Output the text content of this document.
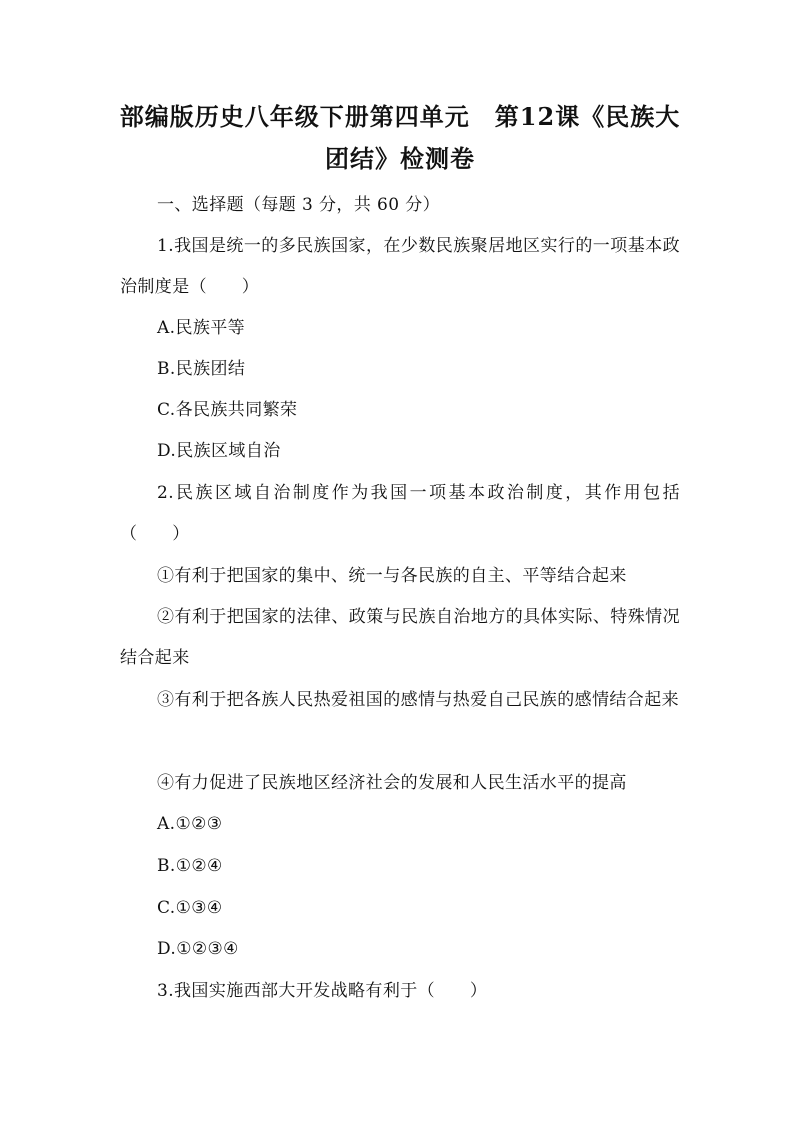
部编版历史八年级下册第四单元　第12课《民族大团结》检测卷
一、选择题（每题 3 分，共 60 分）
1.我国是统一的多民族国家，在少数民族聚居地区实行的一项基本政治制度是（　　）
A.民族平等
B.民族团结
C.各民族共同繁荣
D.民族区域自治
2.民族区域自治制度作为我国一项基本政治制度，其作用包括（　　）
①有利于把国家的集中、统一与各民族的自主、平等结合起来
②有利于把国家的法律、政策与民族自治地方的具体实际、特殊情况结合起来
③有利于把各族人民热爱祖国的感情与热爱自己民族的感情结合起来
④有力促进了民族地区经济社会的发展和人民生活水平的提高
A.①②③
B.①②④
C.①③④
D.①②③④
3.我国实施西部大开发战略有利于（　　）
